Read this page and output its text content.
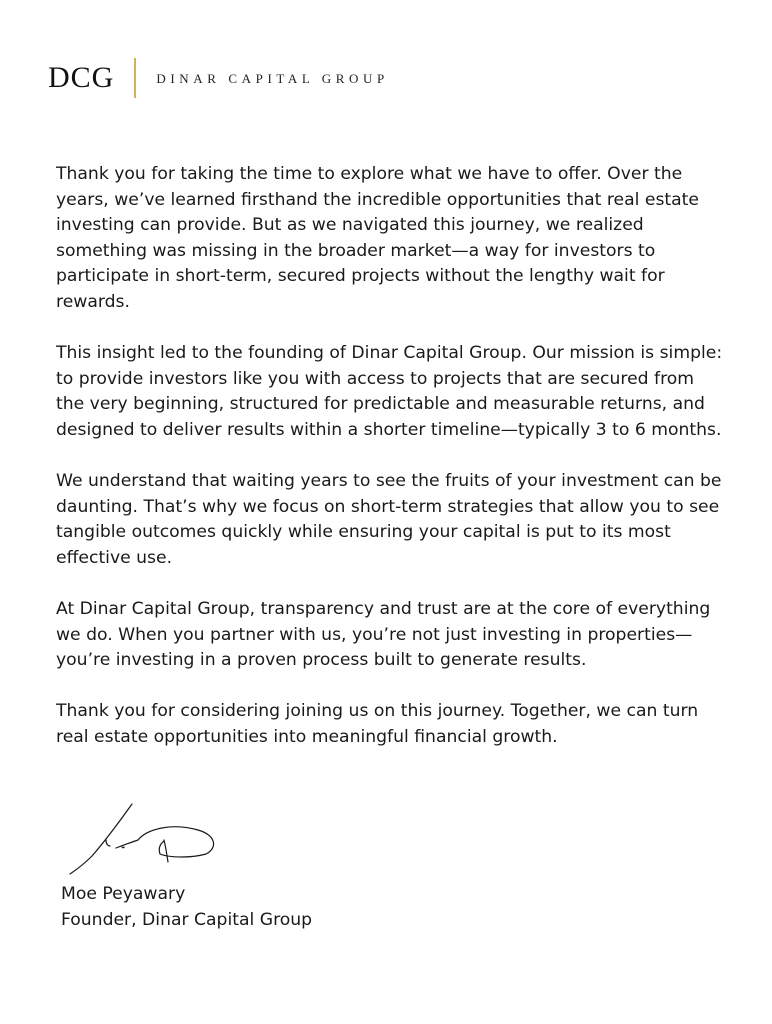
DCG	DINAR CAPITAL GROUP

Thank you for taking the time to explore what we have to offer. Over the years, we’ve learned firsthand the incredible opportunities that real estate investing can provide. But as we navigated this journey, we realized something was missing in the broader market—a way for investors to participate in short-term, secured projects without the lengthy wait for rewards.

This insight led to the founding of Dinar Capital Group. Our mission is simple: to provide investors like you with access to projects that are secured from the very beginning, structured for predictable and measurable returns, and designed to deliver results within a shorter timeline—typically 3 to 6 months.

We understand that waiting years to see the fruits of your investment can be daunting. That’s why we focus on short-term strategies that allow you to see tangible outcomes quickly while ensuring your capital is put to its most effective use.

At Dinar Capital Group, transparency and trust are at the core of everything we do. When you partner with us, you’re not just investing in properties—you’re investing in a proven process built to generate results.

Thank you for considering joining us on this journey. Together, we can turn real estate opportunities into meaningful financial growth.

Moe Peyawary
Founder, Dinar Capital Group
